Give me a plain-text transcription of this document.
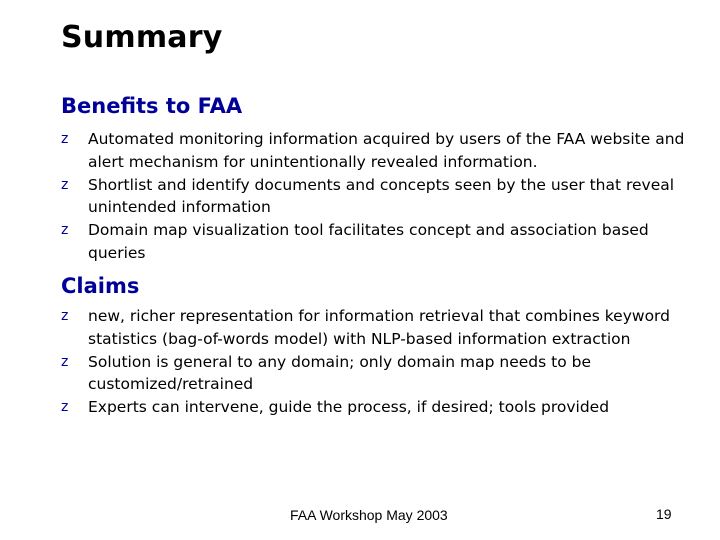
Summary
Benefits to FAA
z	Automated monitoring information acquired by users of the FAA website and alert mechanism for unintentionally revealed information.
z	Shortlist and identify documents and concepts seen by the user that reveal unintended information
z	Domain map visualization tool facilitates concept and association based queries
Claims
z	new, richer representation for information retrieval that combines keyword statistics (bag-of-words model) with NLP-based information extraction
z	Solution is general to any domain; only domain map needs to be customized/retrained
z	Experts can intervene, guide the process, if desired; tools provided
FAA Workshop May 2003	19
